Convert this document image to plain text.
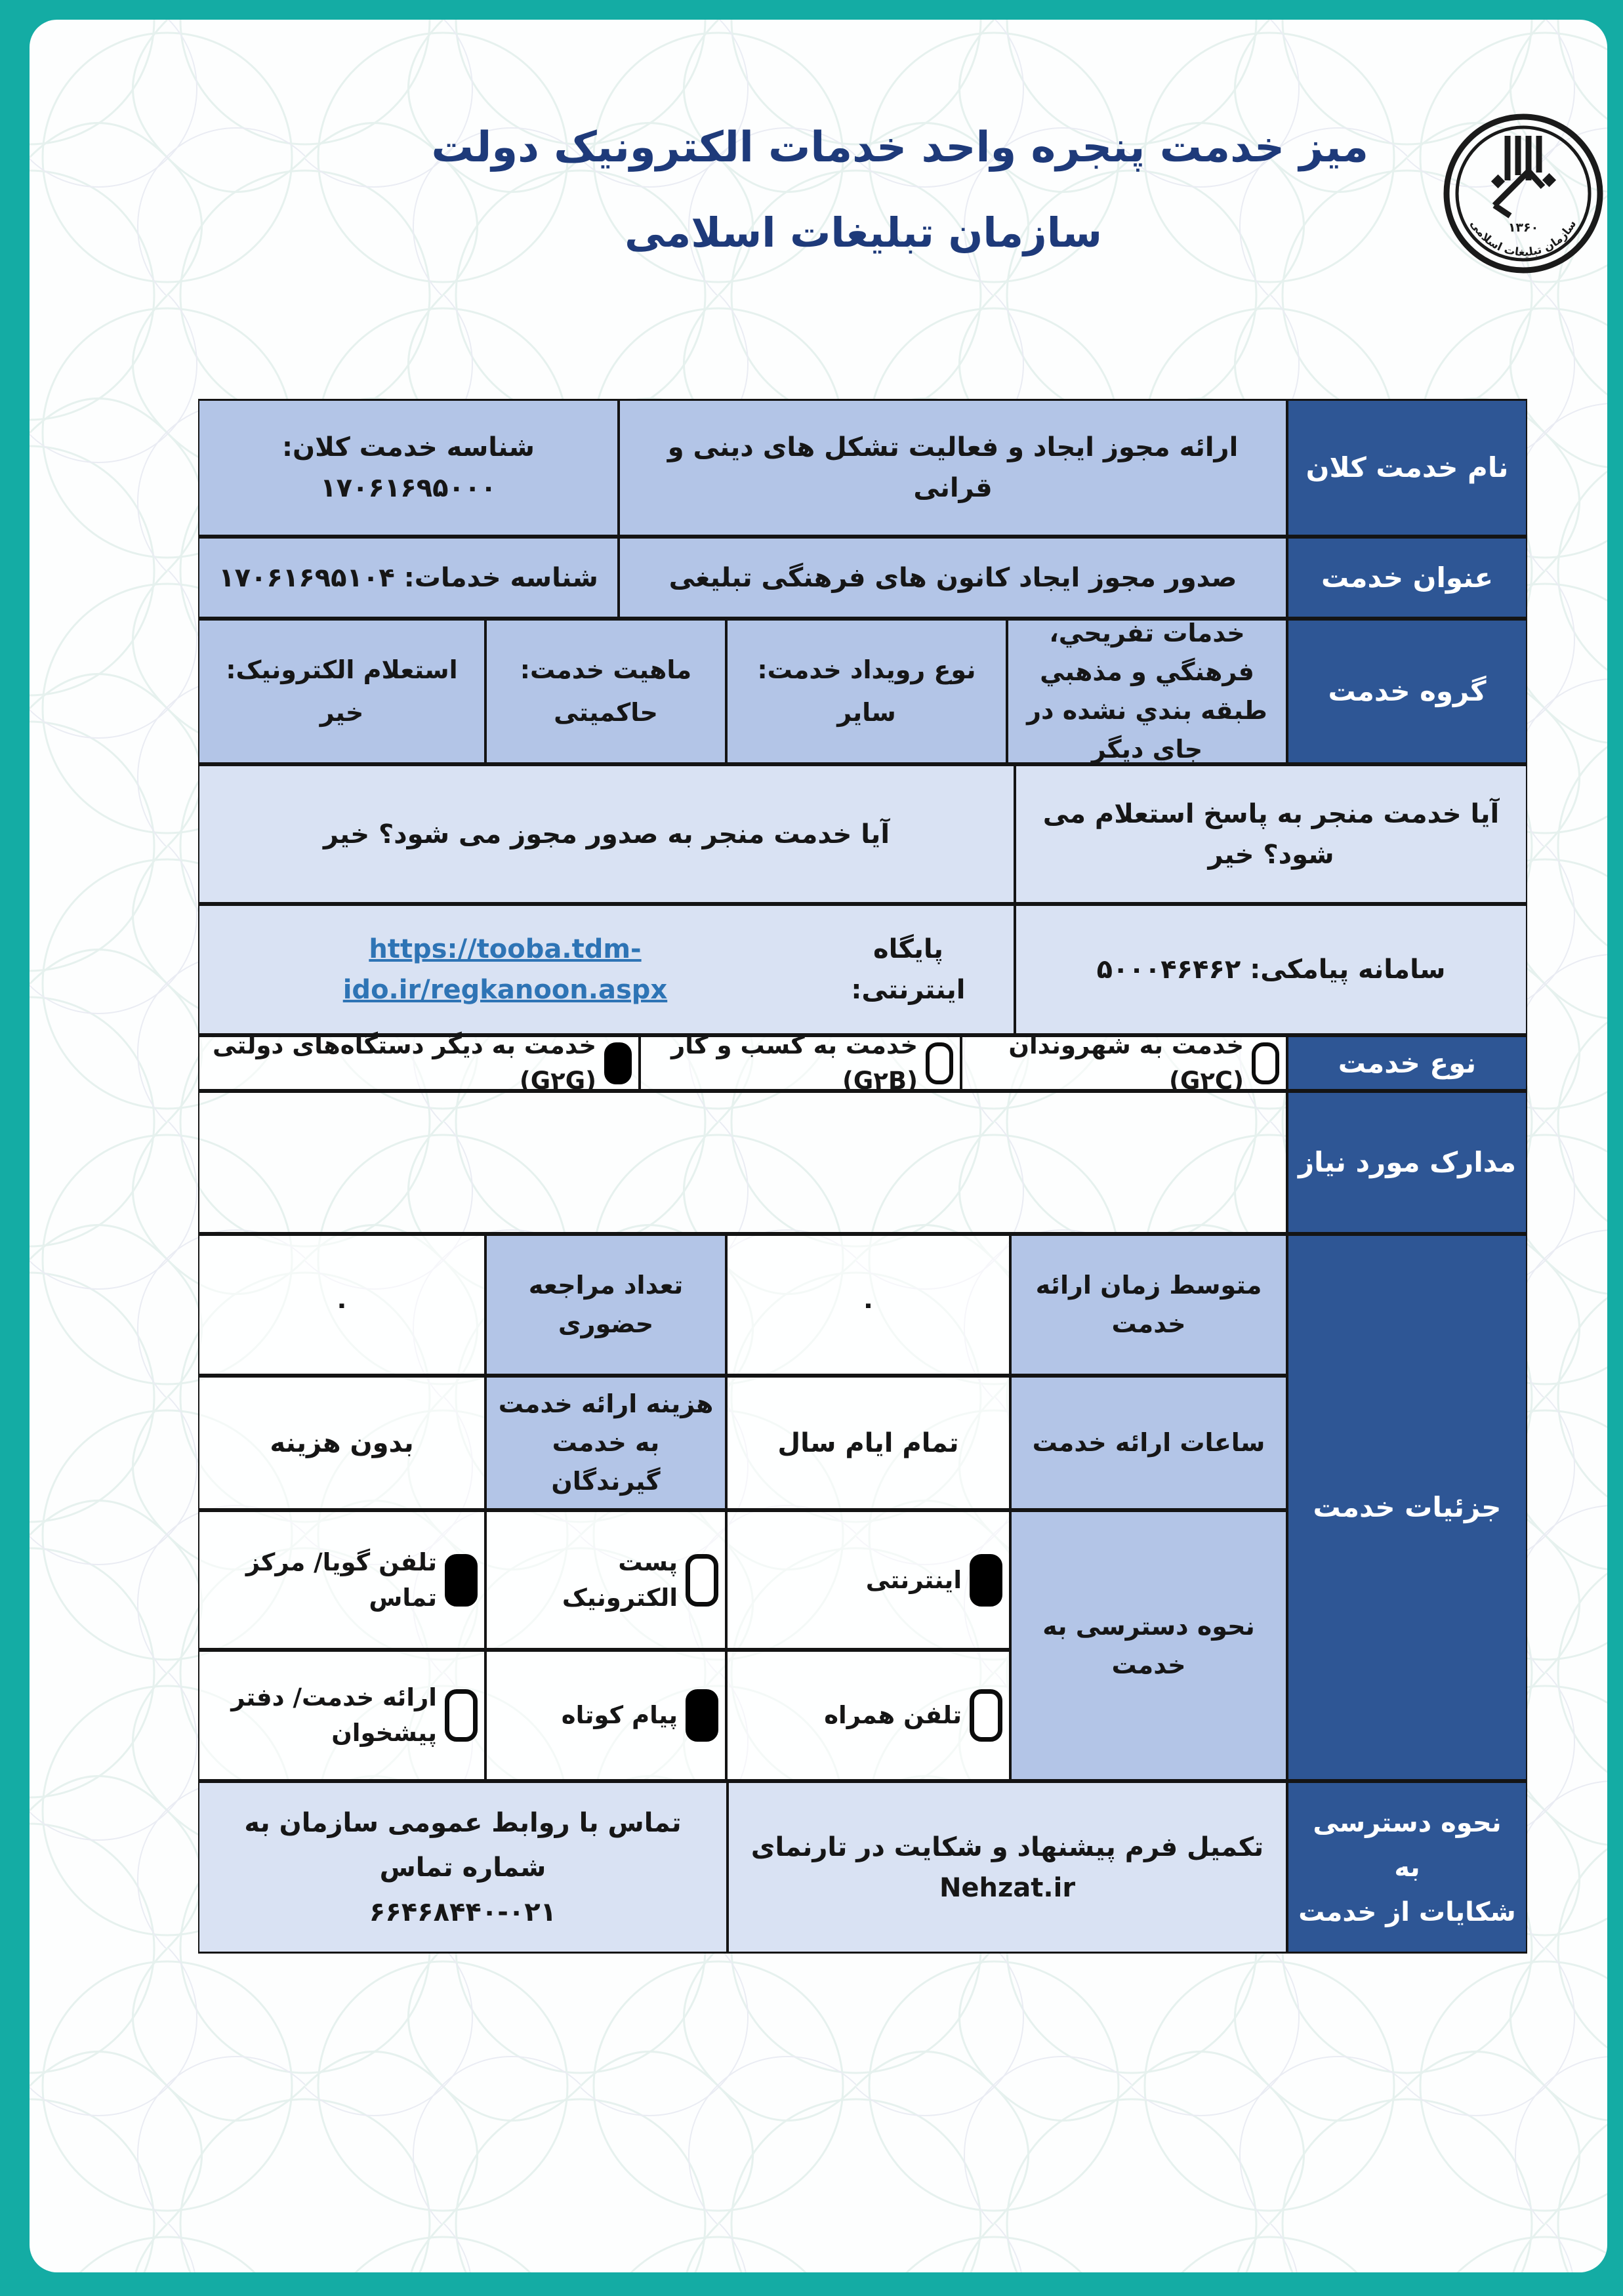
میز خدمت پنجره واحد خدمات الکترونیک دولت
سازمان تبلیغات اسلامی	۱۳۶۰
سازمان تبلیغات اسلامی
نام خدمت کلان
ارائه مجوز ایجاد و فعالیت تشکل های دینی و قرانی
شناسه خدمت کلان: ۱۷۰۶۱۶۹۵۰۰۰
عنوان خدمت
صدور مجوز ایجاد کانون های فرهنگی تبلیغی
شناسه خدمات: ۱۷۰۶۱۶۹۵۱۰۴
گروه خدمت
خدمات تفریحي، فرهنگي و مذهبي طبقه بندي نشده در جاي دیگر
نوع رویداد خدمت:
سایر
ماهیت خدمت:
حاکمیتی
استعلام الکترونیک:
خیر
آیا خدمت منجر به پاسخ استعلام می شود؟ خیر
آیا خدمت منجر به صدور مجوز می شود؟ خیر
سامانه پیامکی: ۵۰۰۰۴۶۴۶۲
پایگاه اینترنتی:
https://tooba.tdm-ido.ir/regkanoon.aspx
نوع خدمت
خدمت به شهروندان (G۲C)
خدمت به کسب و کار (G۲B)
خدمت به دیگر دستگاه‌های دولتی (G۲G)
مدارک مورد نیاز
جزئیات خدمت
متوسط زمان ارائه خدمت
۰
تعداد مراجعه حضوری
۰
ساعات ارائه خدمت
تمام ایام سال
هزینه ارائه خدمت به خدمت گیرندگان
بدون هزینه
نحوه دسترسی به خدمت
اینترنتی
پست الکترونیک
تلفن گویا/ مرکز تماس
تلفن همراه
پیام کوتاه
ارائه خدمت/ دفتر پیشخوان
نحوه دسترسی به
شکایات از خدمت
تکمیل فرم پیشنهاد و شکایت در تارنمای Nehzat.ir
تماس با روابط عمومی سازمان به شماره تماس
۶۶۴۶۸۴۴۰-۰۲۱
